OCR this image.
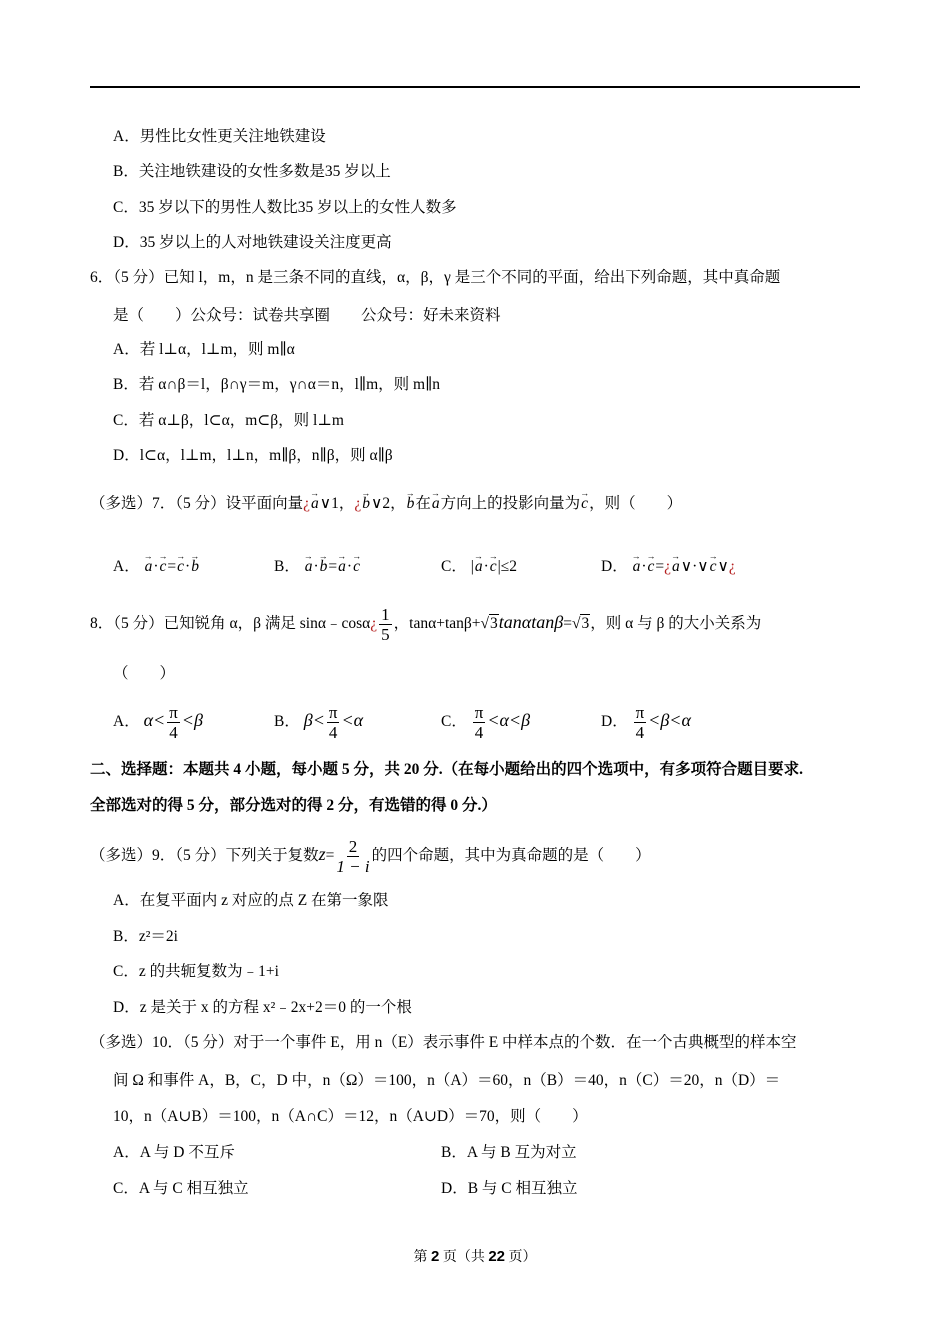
A．男性比女性更关注地铁建设
B．关注地铁建设的女性多数是35 岁以上
C．35 岁以下的男性人数比35 岁以上的女性人数多
D．35 岁以上的人对地铁建设关注度更高
6．（5 分）已知 l，m，n 是三条不同的直线，α，β，γ 是三个不同的平面，给出下列命题，其中真命题
是（　　）公众号：试卷共享圈　　公众号：好未来资料
A．若 l⊥α，l⊥m，则 m∥α
B．若 α∩β＝l，β∩γ＝m，γ∩α＝n，l∥m，则 m∥n
C．若 α⊥β，l⊂α，m⊂β，则 l⊥m
D．l⊂α，l⊥m，l⊥n，m∥β，n∥β，则 α∥β
（多选）7．（5 分）设平面向量¿→ a∨1，¿→ b∨2，→ b在→ a方向上的投影向量为→ c，则（　　）
A． → a·→ c=→ c·→ b	B． → a·→ b=→ a·→ c	C． |→ a·→ c|≤2	D． → a·→ c=¿→ a∨·∨→ c∨¿
8．（5 分）已知锐角 α，β 满足 sinα﹣cosα¿ $\frac{1}{5}$ ，tanα+tanβ+√3tanαtanβ=√3，则 α 与 β 的大小关系为
（　　）
A． $\alpha< \frac{\pi}{4} <\beta$	B． $\beta< \frac{\pi}{4} <\alpha$	C． $\frac{\pi}{4} <\alpha<\beta$	D． $\frac{\pi}{4} <\beta<\alpha$
二、选择题：本题共 4 小题，每小题 5 分，共 20 分.（在每小题给出的四个选项中，有多项符合题目要求.
全部选对的得 5 分，部分选对的得 2 分，有选错的得 0 分.）
（多选）9．（5 分）下列关于复数$z= \frac{2}{1 - i}$ 的四个命题，其中为真命题的是（　　）
A．在复平面内 z 对应的点 Z 在第一象限
B．z²＝2i
C．z 的共轭复数为﹣1+i
D．z 是关于 x 的方程 x²﹣2x+2＝0 的一个根
（多选）10．（5 分）对于一个事件 E，用 n（E）表示事件 E 中样本点的个数．在一个古典概型的样本空
间 Ω 和事件 A，B，C，D 中，n（Ω）＝100，n（A）＝60，n（B）＝40，n（C）＝20，n（D）＝
10，n（A∪B）＝100，n（A∩C）＝12，n（A∪D）＝70，则（　　）
A．A 与 D 不互斥	B．A 与 B 互为对立
C．A 与 C 相互独立	D．B 与 C 相互独立
第 2 页（共 22 页）
